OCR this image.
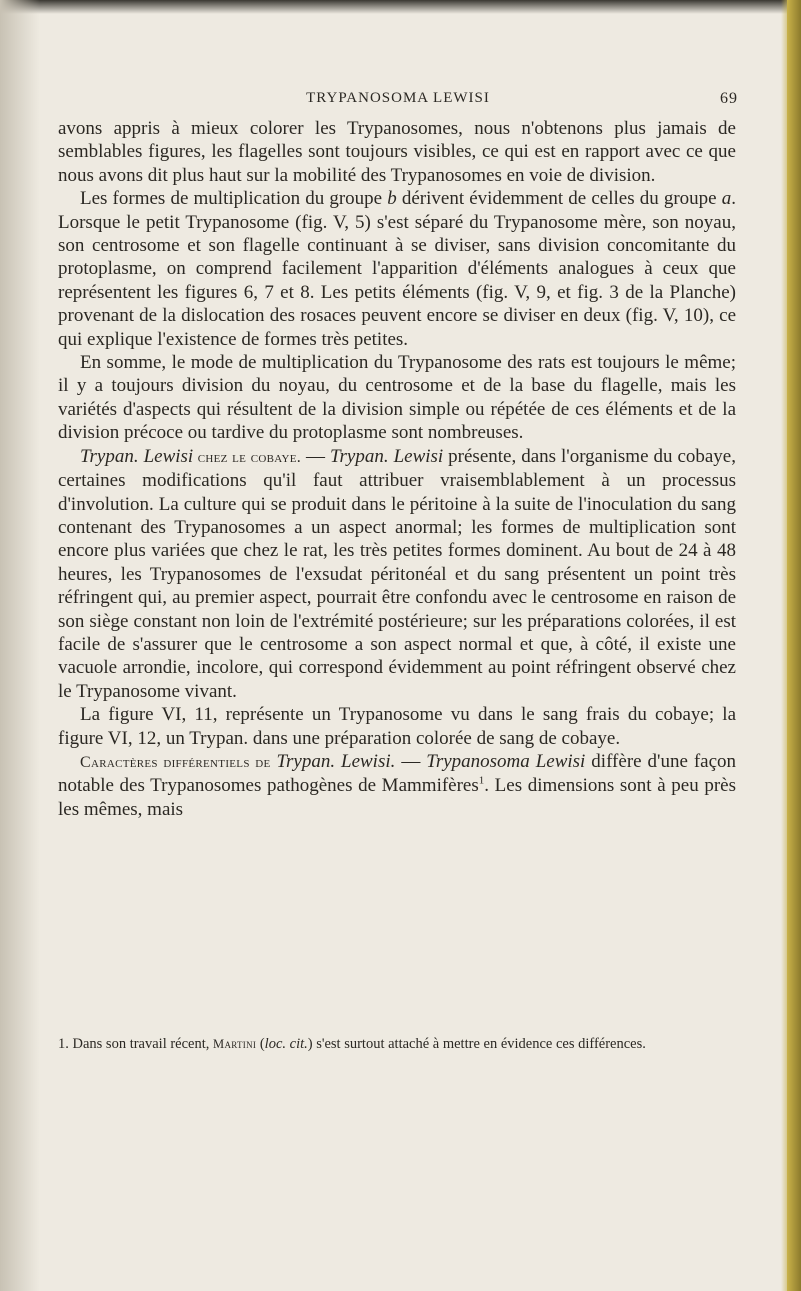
TRYPANOSOMA LEWISI	69

avons appris à mieux colorer les Trypanosomes, nous n'obtenons plus jamais de semblables figures, les flagelles sont toujours visibles, ce qui est en rapport avec ce que nous avons dit plus haut sur la mobilité des Trypanosomes en voie de division.

Les formes de multiplication du groupe b dérivent évidemment de celles du groupe a. Lorsque le petit Trypanosome (fig. V, 5) s'est séparé du Trypanosome mère, son noyau, son centrosome et son flagelle continuant à se diviser, sans division concomitante du protoplasme, on comprend facilement l'apparition d'éléments analogues à ceux que représentent les figures 6, 7 et 8. Les petits éléments (fig. V, 9, et fig. 3 de la Planche) provenant de la dislocation des rosaces peuvent encore se diviser en deux (fig. V, 10), ce qui explique l'existence de formes très petites.

En somme, le mode de multiplication du Trypanosome des rats est toujours le même; il y a toujours division du noyau, du centrosome et de la base du flagelle, mais les variétés d'aspects qui résultent de la division simple ou répétée de ces éléments et de la division précoce ou tardive du protoplasme sont nombreuses.

Trypan. Lewisi chez le cobaye. — Trypan. Lewisi présente, dans l'organisme du cobaye, certaines modifications qu'il faut attribuer vraisemblablement à un processus d'involution. La culture qui se produit dans le péritoine à la suite de l'inoculation du sang contenant des Trypanosomes a un aspect anormal; les formes de multiplication sont encore plus variées que chez le rat, les très petites formes dominent. Au bout de 24 à 48 heures, les Trypanosomes de l'exsudat péritonéal et du sang présentent un point très réfringent qui, au premier aspect, pourrait être confondu avec le centrosome en raison de son siège constant non loin de l'extrémité postérieure; sur les préparations colorées, il est facile de s'assurer que le centrosome a son aspect normal et que, à côté, il existe une vacuole arrondie, incolore, qui correspond évidemment au point réfringent observé chez le Trypanosome vivant.

La figure VI, 11, représente un Trypanosome vu dans le sang frais du cobaye; la figure VI, 12, un Trypan. dans une préparation colorée de sang de cobaye.

Caractères différentiels de Trypan. Lewisi. — Trypanosoma Lewisi diffère d'une façon notable des Trypanosomes pathogènes de Mammifères$^1$. Les dimensions sont à peu près les mêmes, mais

1. Dans son travail récent, Martini (loc. cit.) s'est surtout attaché à mettre en évidence ces différences.
